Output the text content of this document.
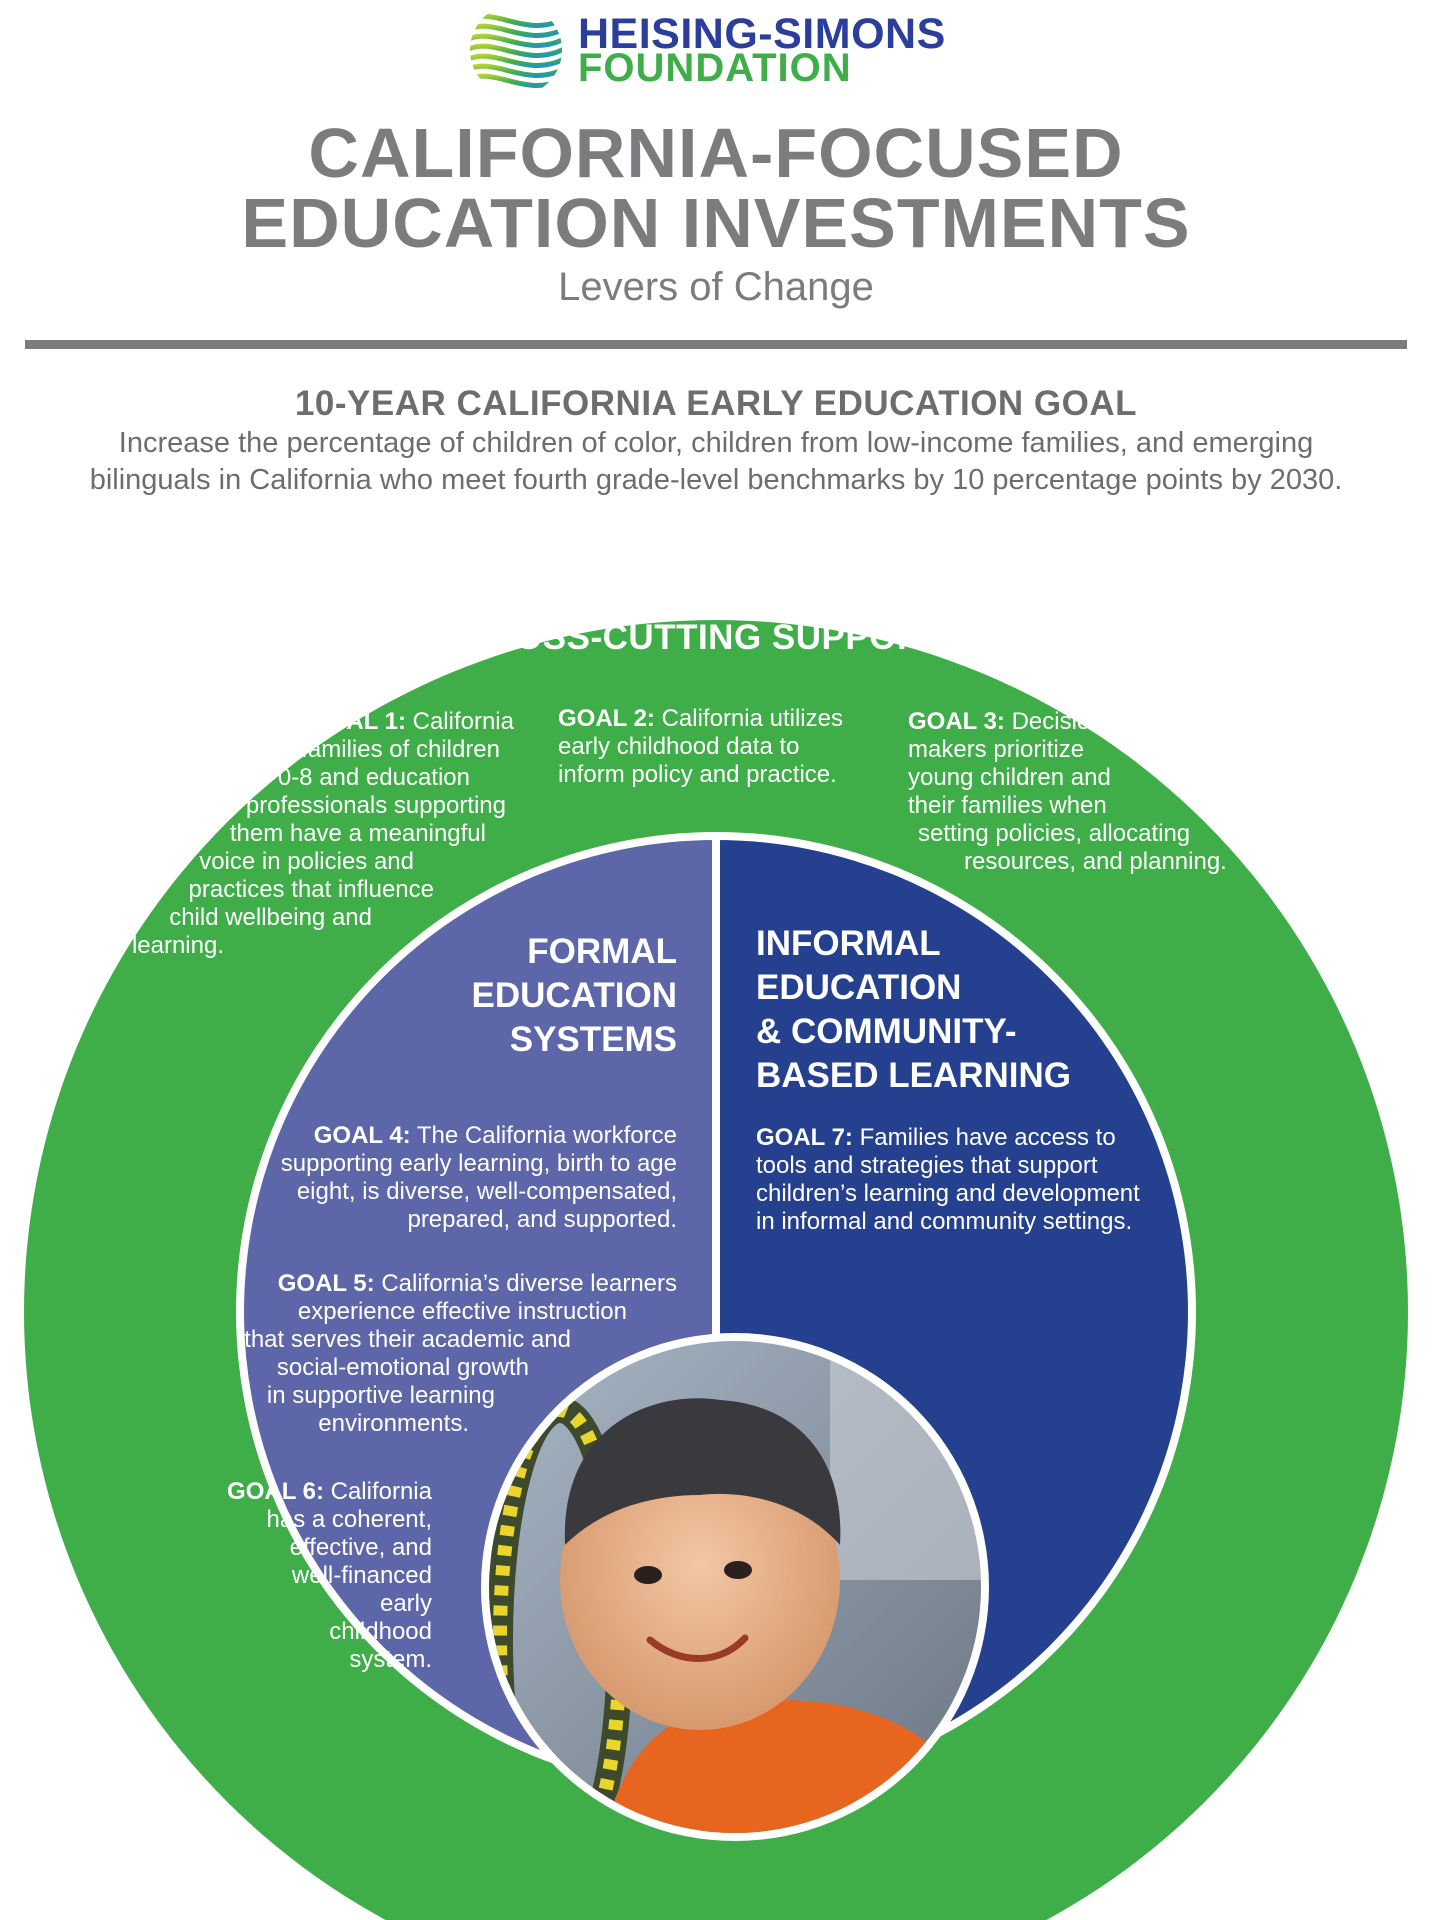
HEISING-SIMONS
FOUNDATION
CALIFORNIA-FOCUSED
EDUCATION INVESTMENTS
Levers of Change
10-YEAR CALIFORNIA EARLY EDUCATION GOAL
Increase the percentage of children of color, children from low-income families, and emerging
bilinguals in California who meet fourth grade-level benchmarks by 10 percentage points by 2030.
CROSS-CUTTING SUPPORTS
GOAL 1: California
families of children
0-8 and education
professionals supporting
them have a meaningful
voice in policies and
practices that influence
child wellbeing and
learning.
GOAL 2: California utilizes
early childhood data to
inform policy and practice.
GOAL 3: Decision-
makers prioritize
young children and
their families when
setting policies, allocating
resources, and planning.
FORMAL
EDUCATION
SYSTEMS
INFORMAL
EDUCATION
& COMMUNITY-
BASED LEARNING
GOAL 4: The California workforce
supporting early learning, birth to age
eight, is diverse, well-compensated,
prepared, and supported.
GOAL 5: California’s diverse learners
experience effective instruction
that serves their academic and
social-emotional growth
in supportive learning
environments.
GOAL 6: California
has a coherent,
effective, and
well-financed
early
childhood
system.
GOAL 7: Families have access to
tools and strategies that support
children’s learning and development
in informal and community settings.
